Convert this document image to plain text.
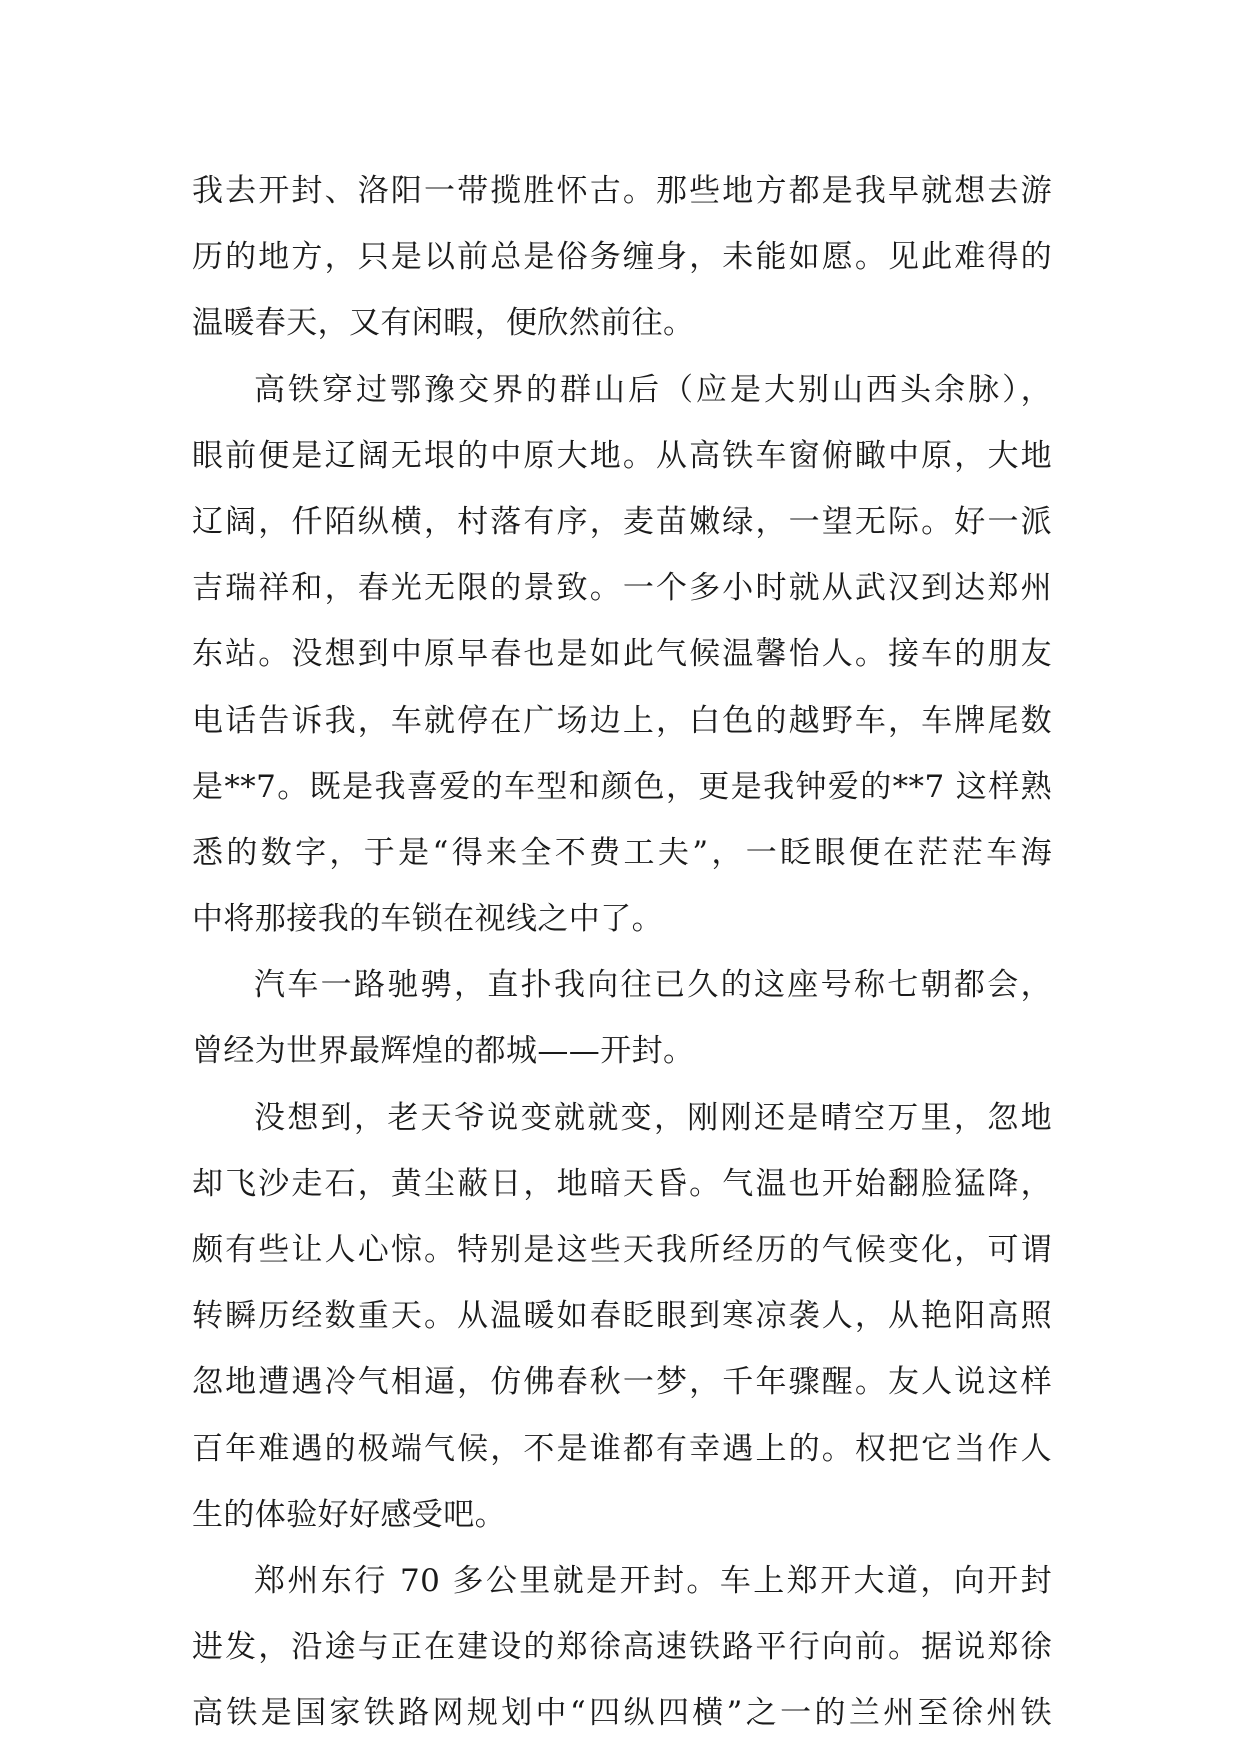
我去开封、洛阳一带揽胜怀古。那些地方都是我早就想去游
历的地方，只是以前总是俗务缠身，未能如愿。见此难得的
温暖春天，又有闲暇，便欣然前往。
高铁穿过鄂豫交界的群山后（应是大别山西头余脉），
眼前便是辽阔无垠的中原大地。从高铁车窗俯瞰中原，大地
辽阔，仟陌纵横，村落有序，麦苗嫩绿，一望无际。好一派
吉瑞祥和，春光无限的景致。一个多小时就从武汉到达郑州
东站。没想到中原早春也是如此气候温馨怡人。接车的朋友
电话告诉我，车就停在广场边上，白色的越野车，车牌尾数
是**7。既是我喜爱的车型和颜色，更是我钟爱的**7 这样熟
悉的数字，于是“得来全不费工夫”，一眨眼便在茫茫车海
中将那接我的车锁在视线之中了。
汽车一路驰骋，直扑我向往已久的这座号称七朝都会，
曾经为世界最辉煌的都城——开封。
没想到，老天爷说变就就变，刚刚还是晴空万里，忽地
却飞沙走石，黄尘蔽日，地暗天昏。气温也开始翻脸猛降，
颇有些让人心惊。特别是这些天我所经历的气候变化，可谓
转瞬历经数重天。从温暖如春眨眼到寒凉袭人，从艳阳高照
忽地遭遇冷气相逼，仿佛春秋一梦，千年骤醒。友人说这样
百年难遇的极端气候，不是谁都有幸遇上的。权把它当作人
生的体验好好感受吧。
郑州东行 70 多公里就是开封。车上郑开大道，向开封
进发，沿途与正在建设的郑徐高速铁路平行向前。据说郑徐
高铁是国家铁路网规划中“四纵四横”之一的兰州至徐州铁
